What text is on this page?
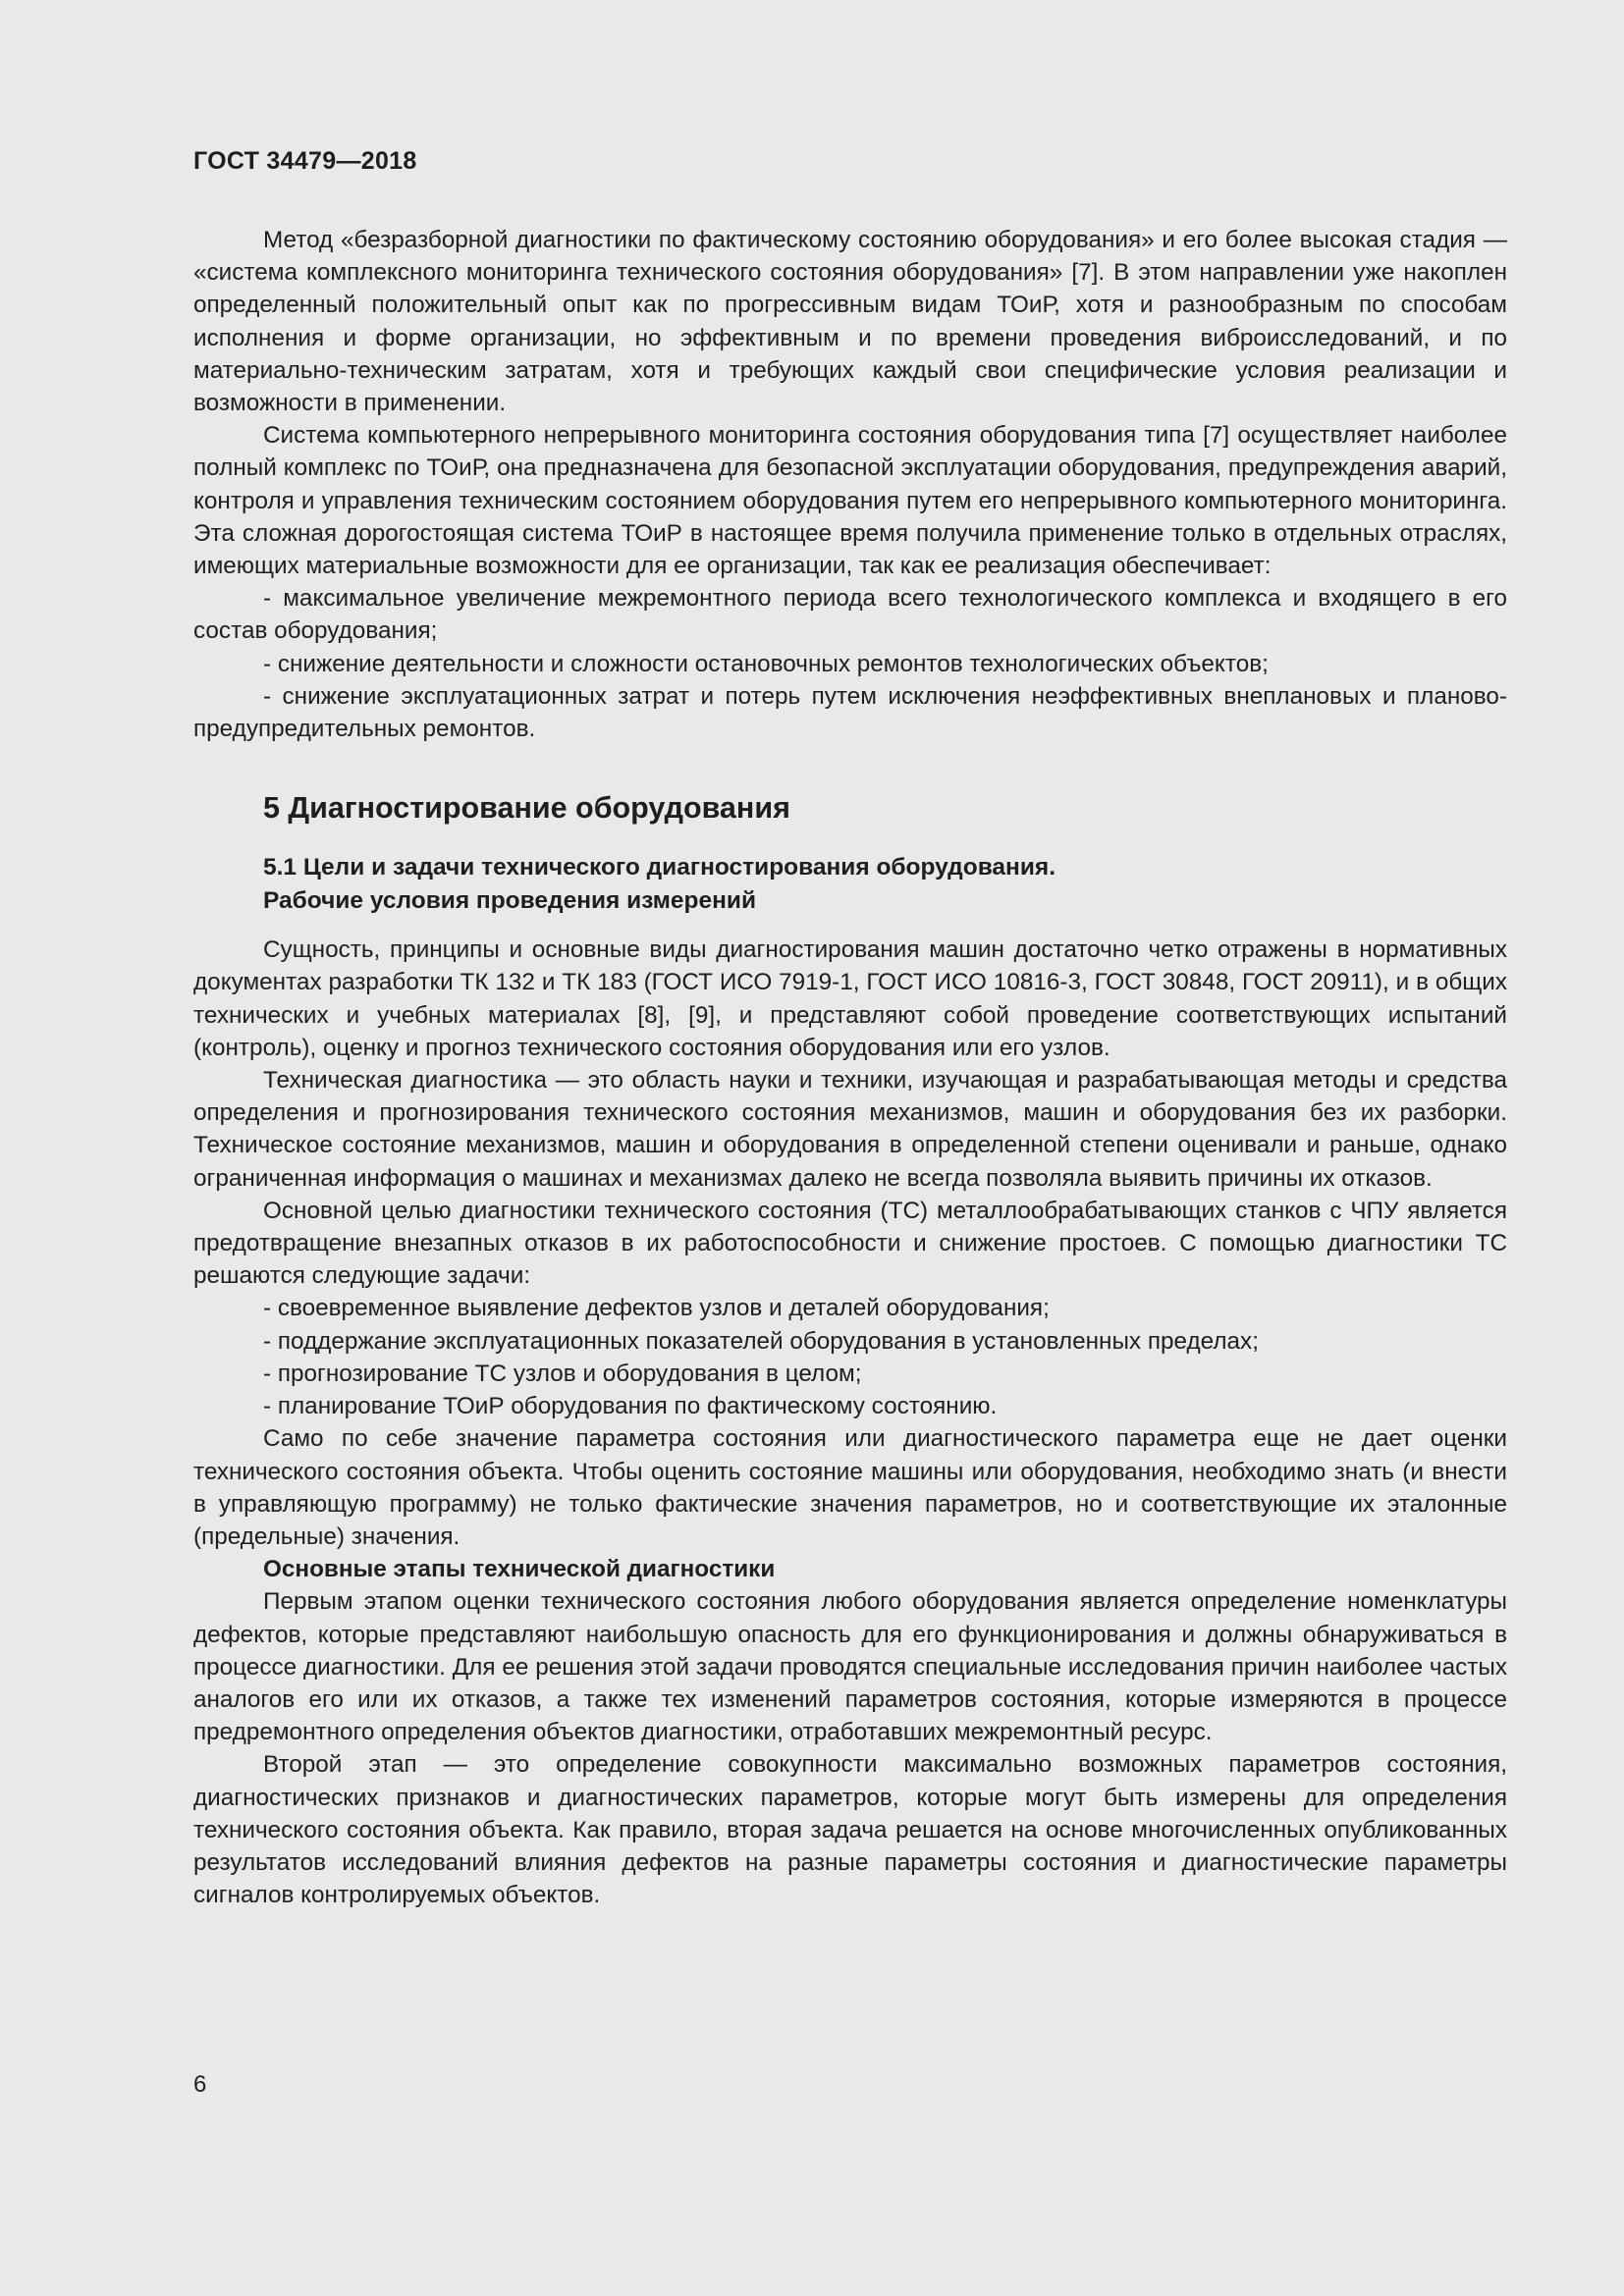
ГОСТ 34479—2018

Метод «безразборной диагностики по фактическому состоянию оборудования» и его более высокая стадия — «система комплексного мониторинга технического состояния оборудования» [7]. В этом направлении уже накоплен определенный положительный опыт как по прогрессивным видам ТОиР, хотя и разнообразным по способам исполнения и форме организации, но эффективным и по времени проведения виброисследований, и по материально-техническим затратам, хотя и требующих каждый свои специфические условия реализации и возможности в применении.

Система компьютерного непрерывного мониторинга состояния оборудования типа [7] осуществляет наиболее полный комплекс по ТОиР, она предназначена для безопасной эксплуатации оборудования, предупреждения аварий, контроля и управления техническим состоянием оборудования путем его непрерывного компьютерного мониторинга. Эта сложная дорогостоящая система ТОиР в настоящее время получила применение только в отдельных отраслях, имеющих материальные возможности для ее организации, так как ее реализация обеспечивает:

- максимальное увеличение межремонтного периода всего технологического комплекса и входящего в его состав оборудования;

- снижение деятельности и сложности остановочных ремонтов технологических объектов;

- снижение эксплуатационных затрат и потерь путем исключения неэффективных внеплановых и планово-предупредительных ремонтов.

5 Диагностирование оборудования
5.1 Цели и задачи технического диагностирования оборудования.
Рабочие условия проведения измерений

Сущность, принципы и основные виды диагностирования машин достаточно четко отражены в нормативных документах разработки ТК 132 и ТК 183 (ГОСТ ИСО 7919-1, ГОСТ ИСО 10816-3, ГОСТ 30848, ГОСТ 20911), и в общих технических и учебных материалах [8], [9], и представляют собой проведение соответствующих испытаний (контроль), оценку и прогноз технического состояния оборудования или его узлов.

Техническая диагностика — это область науки и техники, изучающая и разрабатывающая методы и средства определения и прогнозирования технического состояния механизмов, машин и оборудования без их разборки. Техническое состояние механизмов, машин и оборудования в определенной степени оценивали и раньше, однако ограниченная информация о машинах и механизмах далеко не всегда позволяла выявить причины их отказов.

Основной целью диагностики технического состояния (ТС) металлообрабатывающих станков с ЧПУ является предотвращение внезапных отказов в их работоспособности и снижение простоев. С помощью диагностики ТС решаются следующие задачи:

- своевременное выявление дефектов узлов и деталей оборудования;

- поддержание эксплуатационных показателей оборудования в установленных пределах;

- прогнозирование ТС узлов и оборудования в целом;

- планирование ТОиР оборудования по фактическому состоянию.

Само по себе значение параметра состояния или диагностического параметра еще не дает оценки технического состояния объекта. Чтобы оценить состояние машины или оборудования, необходимо знать (и внести в управляющую программу) не только фактические значения параметров, но и соответствующие их эталонные (предельные) значения.

Основные этапы технической диагностики

Первым этапом оценки технического состояния любого оборудования является определение номенклатуры дефектов, которые представляют наибольшую опасность для его функционирования и должны обнаруживаться в процессе диагностики. Для ее решения этой задачи проводятся специальные исследования причин наиболее частых аналогов его или их отказов, а также тех изменений параметров состояния, которые измеряются в процессе предремонтного определения объектов диагностики, отработавших межремонтный ресурс.

Второй этап — это определение совокупности максимально возможных параметров состояния, диагностических признаков и диагностических параметров, которые могут быть измерены для определения технического состояния объекта. Как правило, вторая задача решается на основе многочисленных опубликованных результатов исследований влияния дефектов на разные параметры состояния и диагностические параметры сигналов контролируемых объектов.

6
